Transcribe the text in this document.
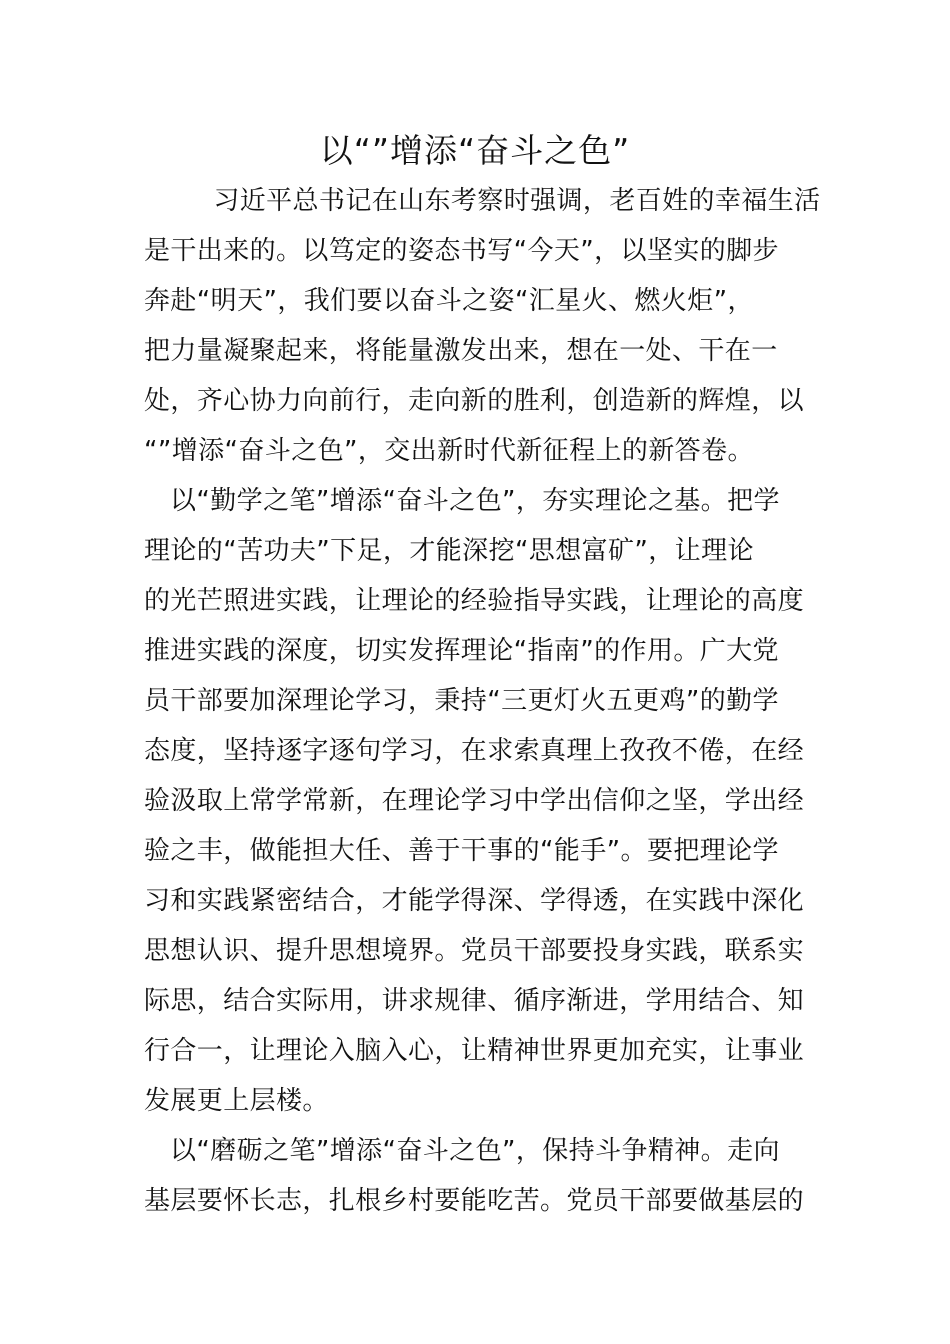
以“”增添“奋斗之色”
习近平总书记在山东考察时强调，老百姓的幸福生活
是干出来的。以笃定的姿态书写“今天”，以坚实的脚步
奔赴“明天”，我们要以奋斗之姿“汇星火、燃火炬”，
把力量凝聚起来，将能量激发出来，想在一处、干在一
处，齐心协力向前行，走向新的胜利，创造新的辉煌，以
“”增添“奋斗之色”，交出新时代新征程上的新答卷。
以“勤学之笔”增添“奋斗之色”，夯实理论之基。把学
理论的“苦功夫”下足，才能深挖“思想富矿”，让理论
的光芒照进实践，让理论的经验指导实践，让理论的高度
推进实践的深度，切实发挥理论“指南”的作用。广大党
员干部要加深理论学习，秉持“三更灯火五更鸡”的勤学
态度，坚持逐字逐句学习，在求索真理上孜孜不倦，在经
验汲取上常学常新，在理论学习中学出信仰之坚，学出经
验之丰，做能担大任、善于干事的“能手”。要把理论学
习和实践紧密结合，才能学得深、学得透，在实践中深化
思想认识、提升思想境界。党员干部要投身实践，联系实
际思，结合实际用，讲求规律、循序渐进，学用结合、知
行合一，让理论入脑入心，让精神世界更加充实，让事业
发展更上层楼。
以“磨砺之笔”增添“奋斗之色”，保持斗争精神。走向
基层要怀长志，扎根乡村要能吃苦。党员干部要做基层的
